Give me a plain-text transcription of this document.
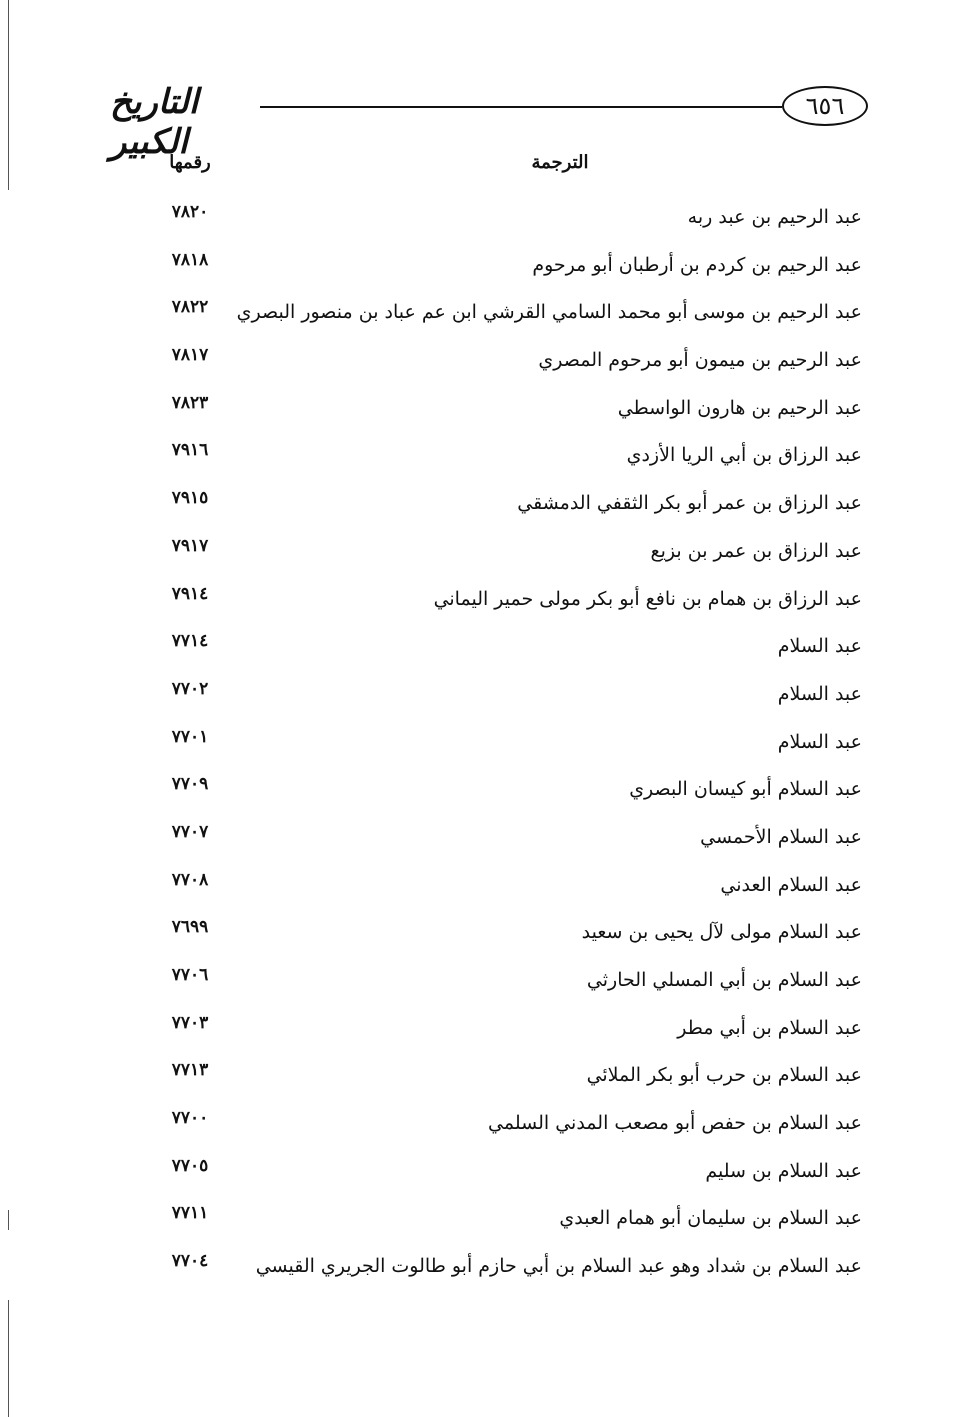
٦٥٦
التاريخ الكبير
الترجمة
رقمها
عبد الرحيم بن عبد ربه
٧٨٢٠
عبد الرحيم بن كردم بن أرطبان أبو مرحوم
٧٨١٨
عبد الرحيم بن موسى أبو محمد السامي القرشي ابن عم عباد بن منصور البصري
٧٨٢٢
عبد الرحيم بن ميمون أبو مرحوم المصري
٧٨١٧
عبد الرحيم بن هارون الواسطي
٧٨٢٣
عبد الرزاق بن أبي الريا الأزدي
٧٩١٦
عبد الرزاق بن عمر أبو بكر الثقفي الدمشقي
٧٩١٥
عبد الرزاق بن عمر بن بزيع
٧٩١٧
عبد الرزاق بن همام بن نافع أبو بكر مولى حمير اليماني
٧٩١٤
عبد السلام
٧٧١٤
عبد السلام
٧٧٠٢
عبد السلام
٧٧٠١
عبد السلام أبو كيسان البصري
٧٧٠٩
عبد السلام الأحمسي
٧٧٠٧
عبد السلام العدني
٧٧٠٨
عبد السلام مولى لآل يحيى بن سعيد
٧٦٩٩
عبد السلام بن أبي المسلي الحارثي
٧٧٠٦
عبد السلام بن أبي مطر
٧٧٠٣
عبد السلام بن حرب أبو بكر الملائي
٧٧١٣
عبد السلام بن حفص أبو مصعب المدني السلمي
٧٧٠٠
عبد السلام بن سليم
٧٧٠٥
عبد السلام بن سليمان أبو همام العبدي
٧٧١١
عبد السلام بن شداد وهو عبد السلام بن أبي حازم أبو طالوت الجريري القيسي
٧٧٠٤
